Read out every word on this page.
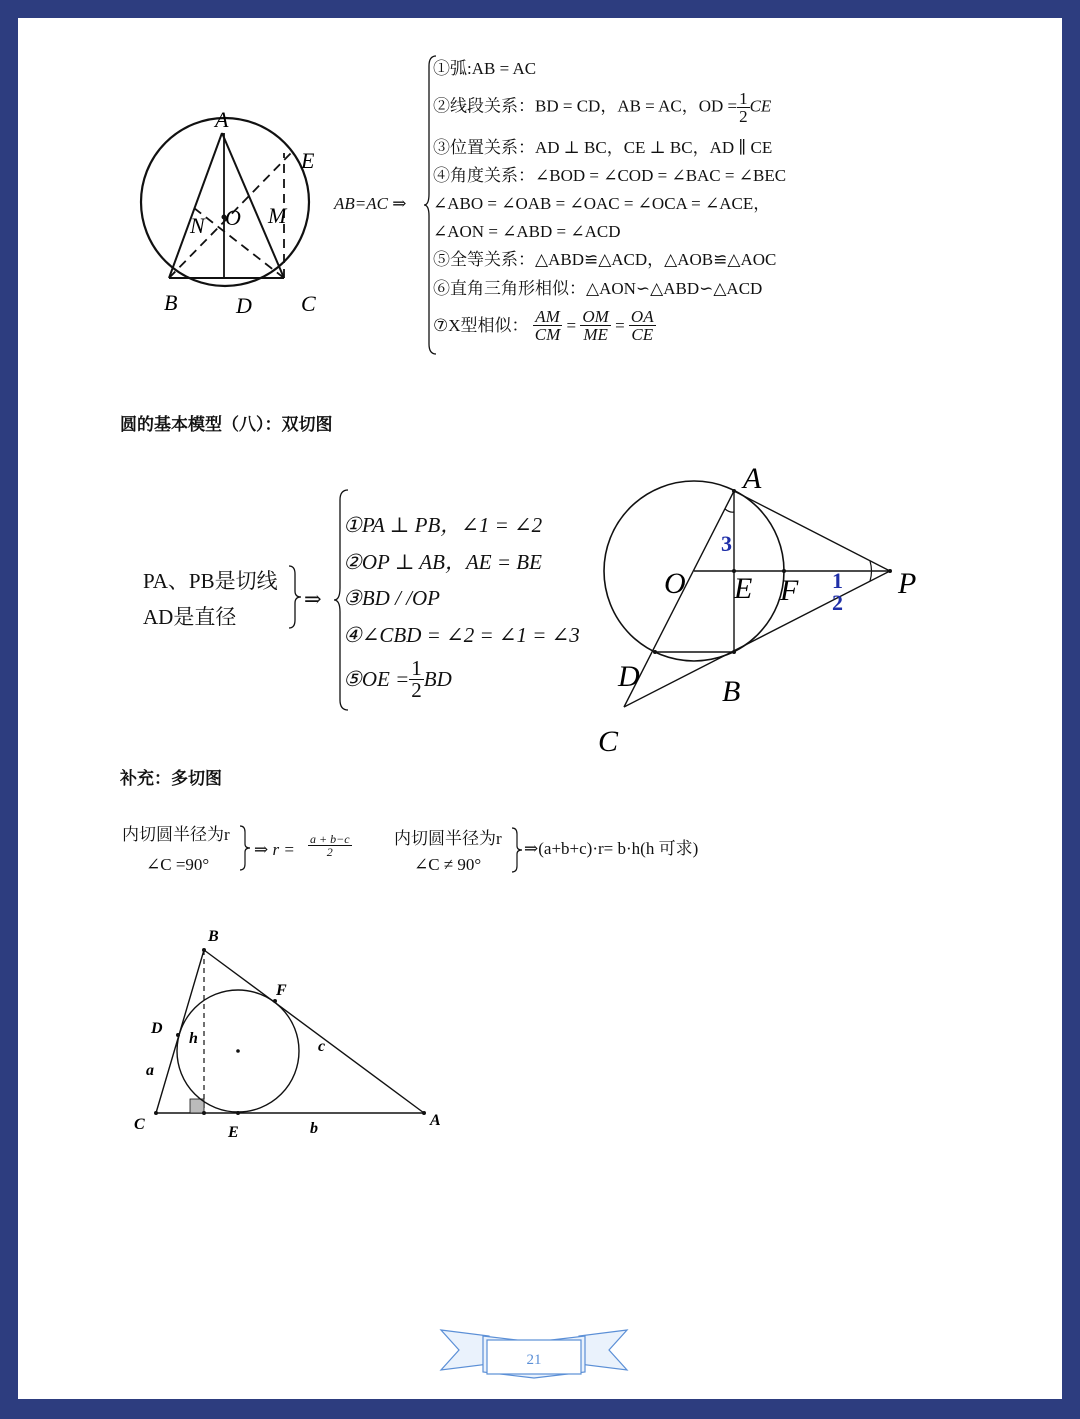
A
E
N O M
B	D C
AB=AC ⇒
①弧:AB = AC
②线段关系：BD = CD，AB = AC，OD = $\frac{1}{2}$ CE
③位置关系：AD ⊥ BC，CE ⊥ BC，AD ∥ CE
④角度关系：∠BOD = ∠COD = ∠BAC = ∠BEC
∠ABO = ∠OAB = ∠OAC = ∠OCA = ∠ACE，
∠AON = ∠ABD = ∠ACD
⑤全等关系：△ABD≌△ACD，△AOB≌△AOC
⑥直角三角形相似：△AON∽△ABD∽△ACD
⑦X型相似： $\frac{AM}{CM} = \frac{OM}{ME} = \frac{OA}{CE}$
圆的基本模型（八）：双切图
PA、PB是切线
AD是直径
⇒
①PA ⊥ PB，∠1 = ∠2
②OP ⊥ AB，AE = BE
③BD / /OP
④∠CBD = ∠2 = ∠1 = ∠3
⑤OE = $\frac{1}{2}$ BD
A
O E F	P
D	B
C
1
2
3
补充：多切图
内切圆半径为r
∠C =90°
⇒ $r = \frac{a + b-c}{2}$ 内切圆半径为r
∠C ≠ 90°
⇒(a+b+c)·r= b·h(h 可求)
B
F
D
h	c
a
C	E	b	A
21
